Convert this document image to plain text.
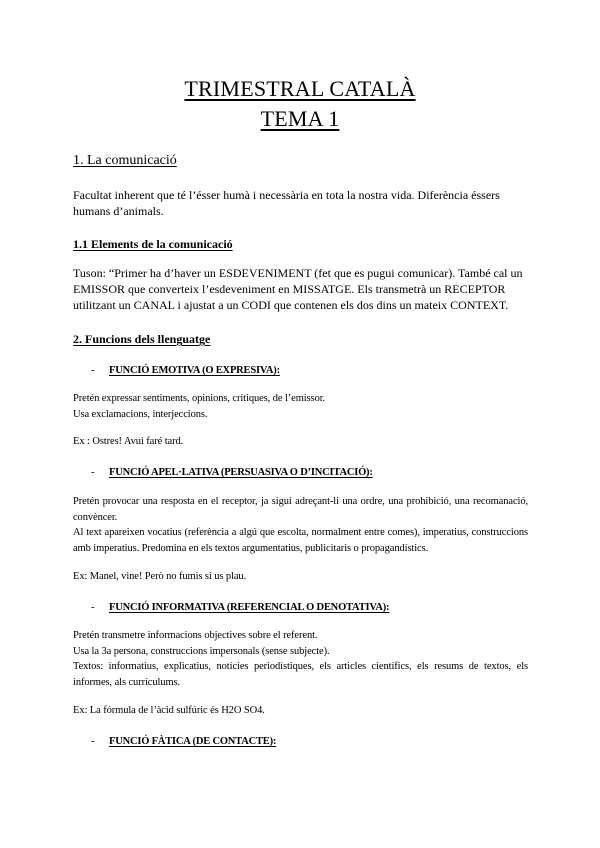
TRIMESTRAL CATALÀ
TEMA 1
1. La comunicació

Facultat inherent que té l’ésser humà i necessària en tota la nostra vida. Diferència éssers humans d’animals.

1.1 Elements de la comunicació

Tuson: “Primer ha d’haver un ESDEVENIMENT (fet que es pugui comunicar). També cal un EMISSOR que converteix l’esdeveniment en MISSATGE. Els transmetrà un RECEPTOR utilitzant un CANAL i ajustat a un CODI que contenen els dos dins un mateix CONTEXT.

2. Funcions dels llenguatge

- FUNCIÓ EMOTIVA (O EXPRESIVA):

Pretén expressar sentiments, opinions, crítiques, de l’emissor.
Usa exclamacions, interjeccions.

Ex : Ostres! Avui faré tard.

- FUNCIÓ APEL·LATIVA (PERSUASIVA O D’INCITACIÓ):

Pretén provocar una resposta en el receptor, ja sigui adreçant-li una ordre, una prohibició, una recomanació, convèncer.

Al text apareixen vocatius (referència a algú que escolta, normalment entre comes), imperatius, construccions amb imperatius. Predomina en els textos argumentatius, publicitaris o propagandístics.

Ex: Manel, vine! Però no fumis si us plau.

- FUNCIÓ INFORMATIVA (REFERENCIAL O DENOTATIVA):

Pretén transmetre informacions objectives sobre el referent.
Usa la 3a persona, construccions impersonals (sense subjecte).

Textos: informatius, explicatius, notícies periodístiques, els articles científics, els resums de textos, els informes, als currículums.

Ex: La fórmula de l’àcid sulfúric és H2O SO4.

- FUNCIÓ FÀTICA (DE CONTACTE):
